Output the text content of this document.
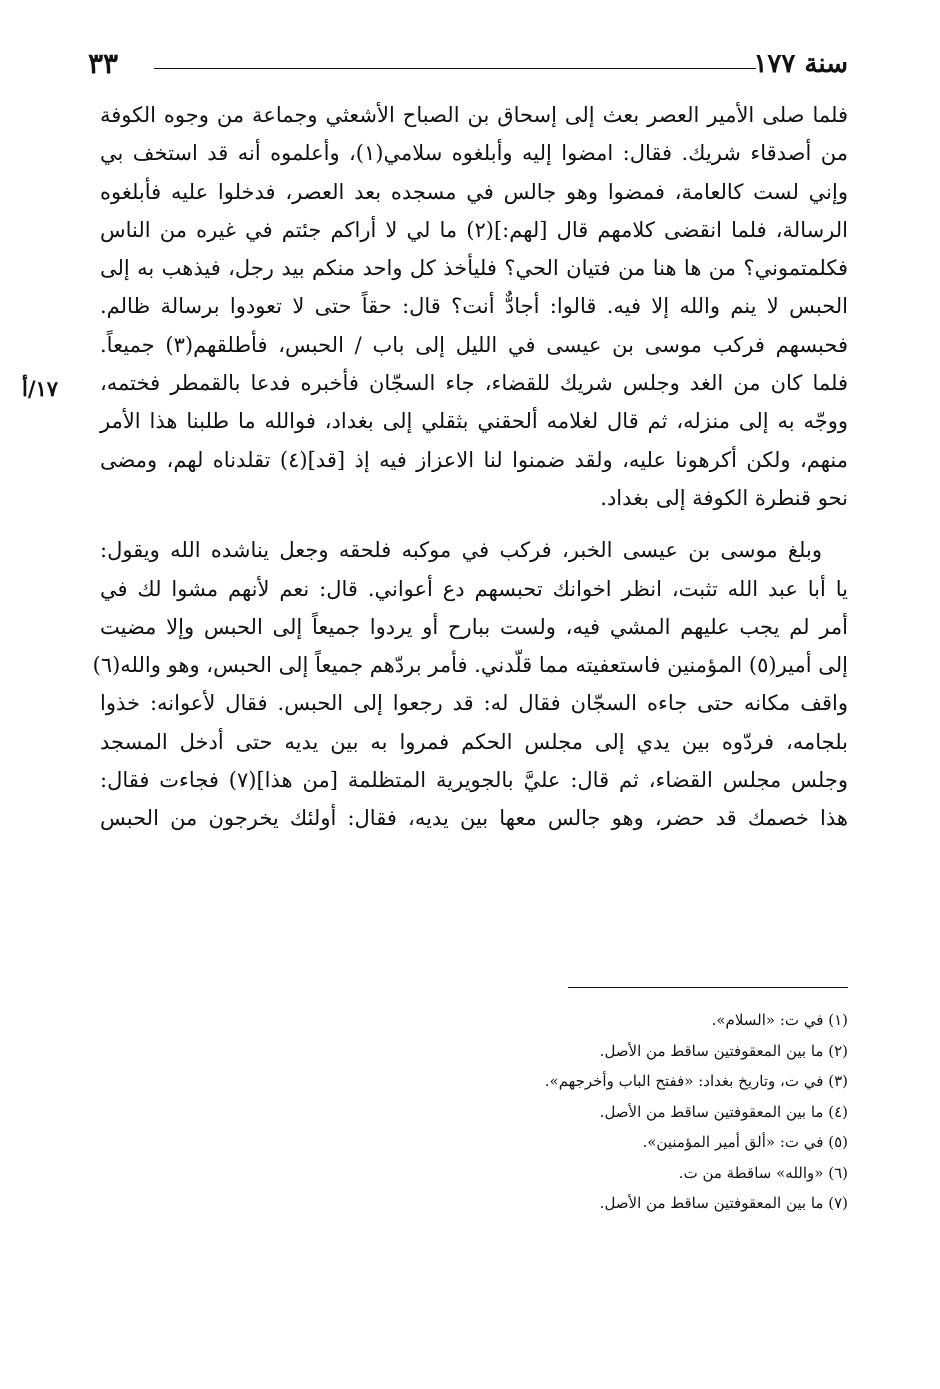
سنة ١٧٧
٣٣
١٧/أ
فلما صلى الأمير العصر بعث إلى إسحاق بن الصباح الأشعثي وجماعة من وجوه الكوفة
من أصدقاء شريك. فقال: امضوا إليه وأبلغوه سلامي(١)، وأعلموه أنه قد استخف بي
وإني لست كالعامة، فمضوا وهو جالس في مسجده بعد العصر، فدخلوا عليه فأبلغوه
الرسالة، فلما انقضى كلامهم قال [لهم:](٢) ما لي لا أراكم جئتم في غيره من الناس
فكلمتموني؟ من ها هنا من فتيان الحي؟ فليأخذ كل واحد منكم بيد رجل، فيذهب به إلى
الحبس لا ينم والله إلا فيه. قالوا: أجادٌّ أنت؟ قال: حقاً حتى لا تعودوا برسالة ظالم.
فحبسهم فركب موسى بن عيسى في الليل إلى باب / الحبس، فأطلقهم(٣) جميعاً.
فلما كان من الغد وجلس شريك للقضاء، جاء السجّان فأخبره فدعا بالقمطر فختمه،
ووجّه به إلى منزله، ثم قال لغلامه ألحقني بثقلي إلى بغداد، فوالله ما طلبنا هذا الأمر
منهم، ولكن أكرهونا عليه، ولقد ضمنوا لنا الاعزاز فيه إذ [قد](٤) تقلدناه لهم، ومضى
نحو قنطرة الكوفة إلى بغداد.
وبلغ موسى بن عيسى الخبر، فركب في موكبه فلحقه وجعل يناشده الله ويقول:
يا أبا عبد الله تثبت، انظر اخوانك تحبسهم دع أعواني. قال: نعم لأنهم مشوا لك في
أمر لم يجب عليهم المشي فيه، ولست ببارح أو يردوا جميعاً إلى الحبس وإلا مضيت
إلى أمير(٥) المؤمنين فاستعفيته مما قلّدني. فأمر بردّهم جميعاً إلى الحبس، وهو والله(٦)
واقف مكانه حتى جاءه السجّان فقال له: قد رجعوا إلى الحبس. فقال لأعوانه: خذوا
بلجامه، فردّوه بين يدي إلى مجلس الحكم فمروا به بين يديه حتى أدخل المسجد
وجلس مجلس القضاء، ثم قال: عليَّ بالجويرية المتظلمة [من هذا](٧) فجاءت فقال:
هذا خصمك قد حضر، وهو جالس معها بين يديه، فقال: أولئك يخرجون من الحبس
(١) في ت: «السلام».
(٢) ما بين المعقوفتين ساقط من الأصل.
(٣) في ت، وتاريخ بغداد: «ففتح الباب وأخرجهم».
(٤) ما بين المعقوفتين ساقط من الأصل.
(٥) في ت: «ألق أمير المؤمنين».
(٦) «والله» ساقطة من ت.
(٧) ما بين المعقوفتين ساقط من الأصل.
